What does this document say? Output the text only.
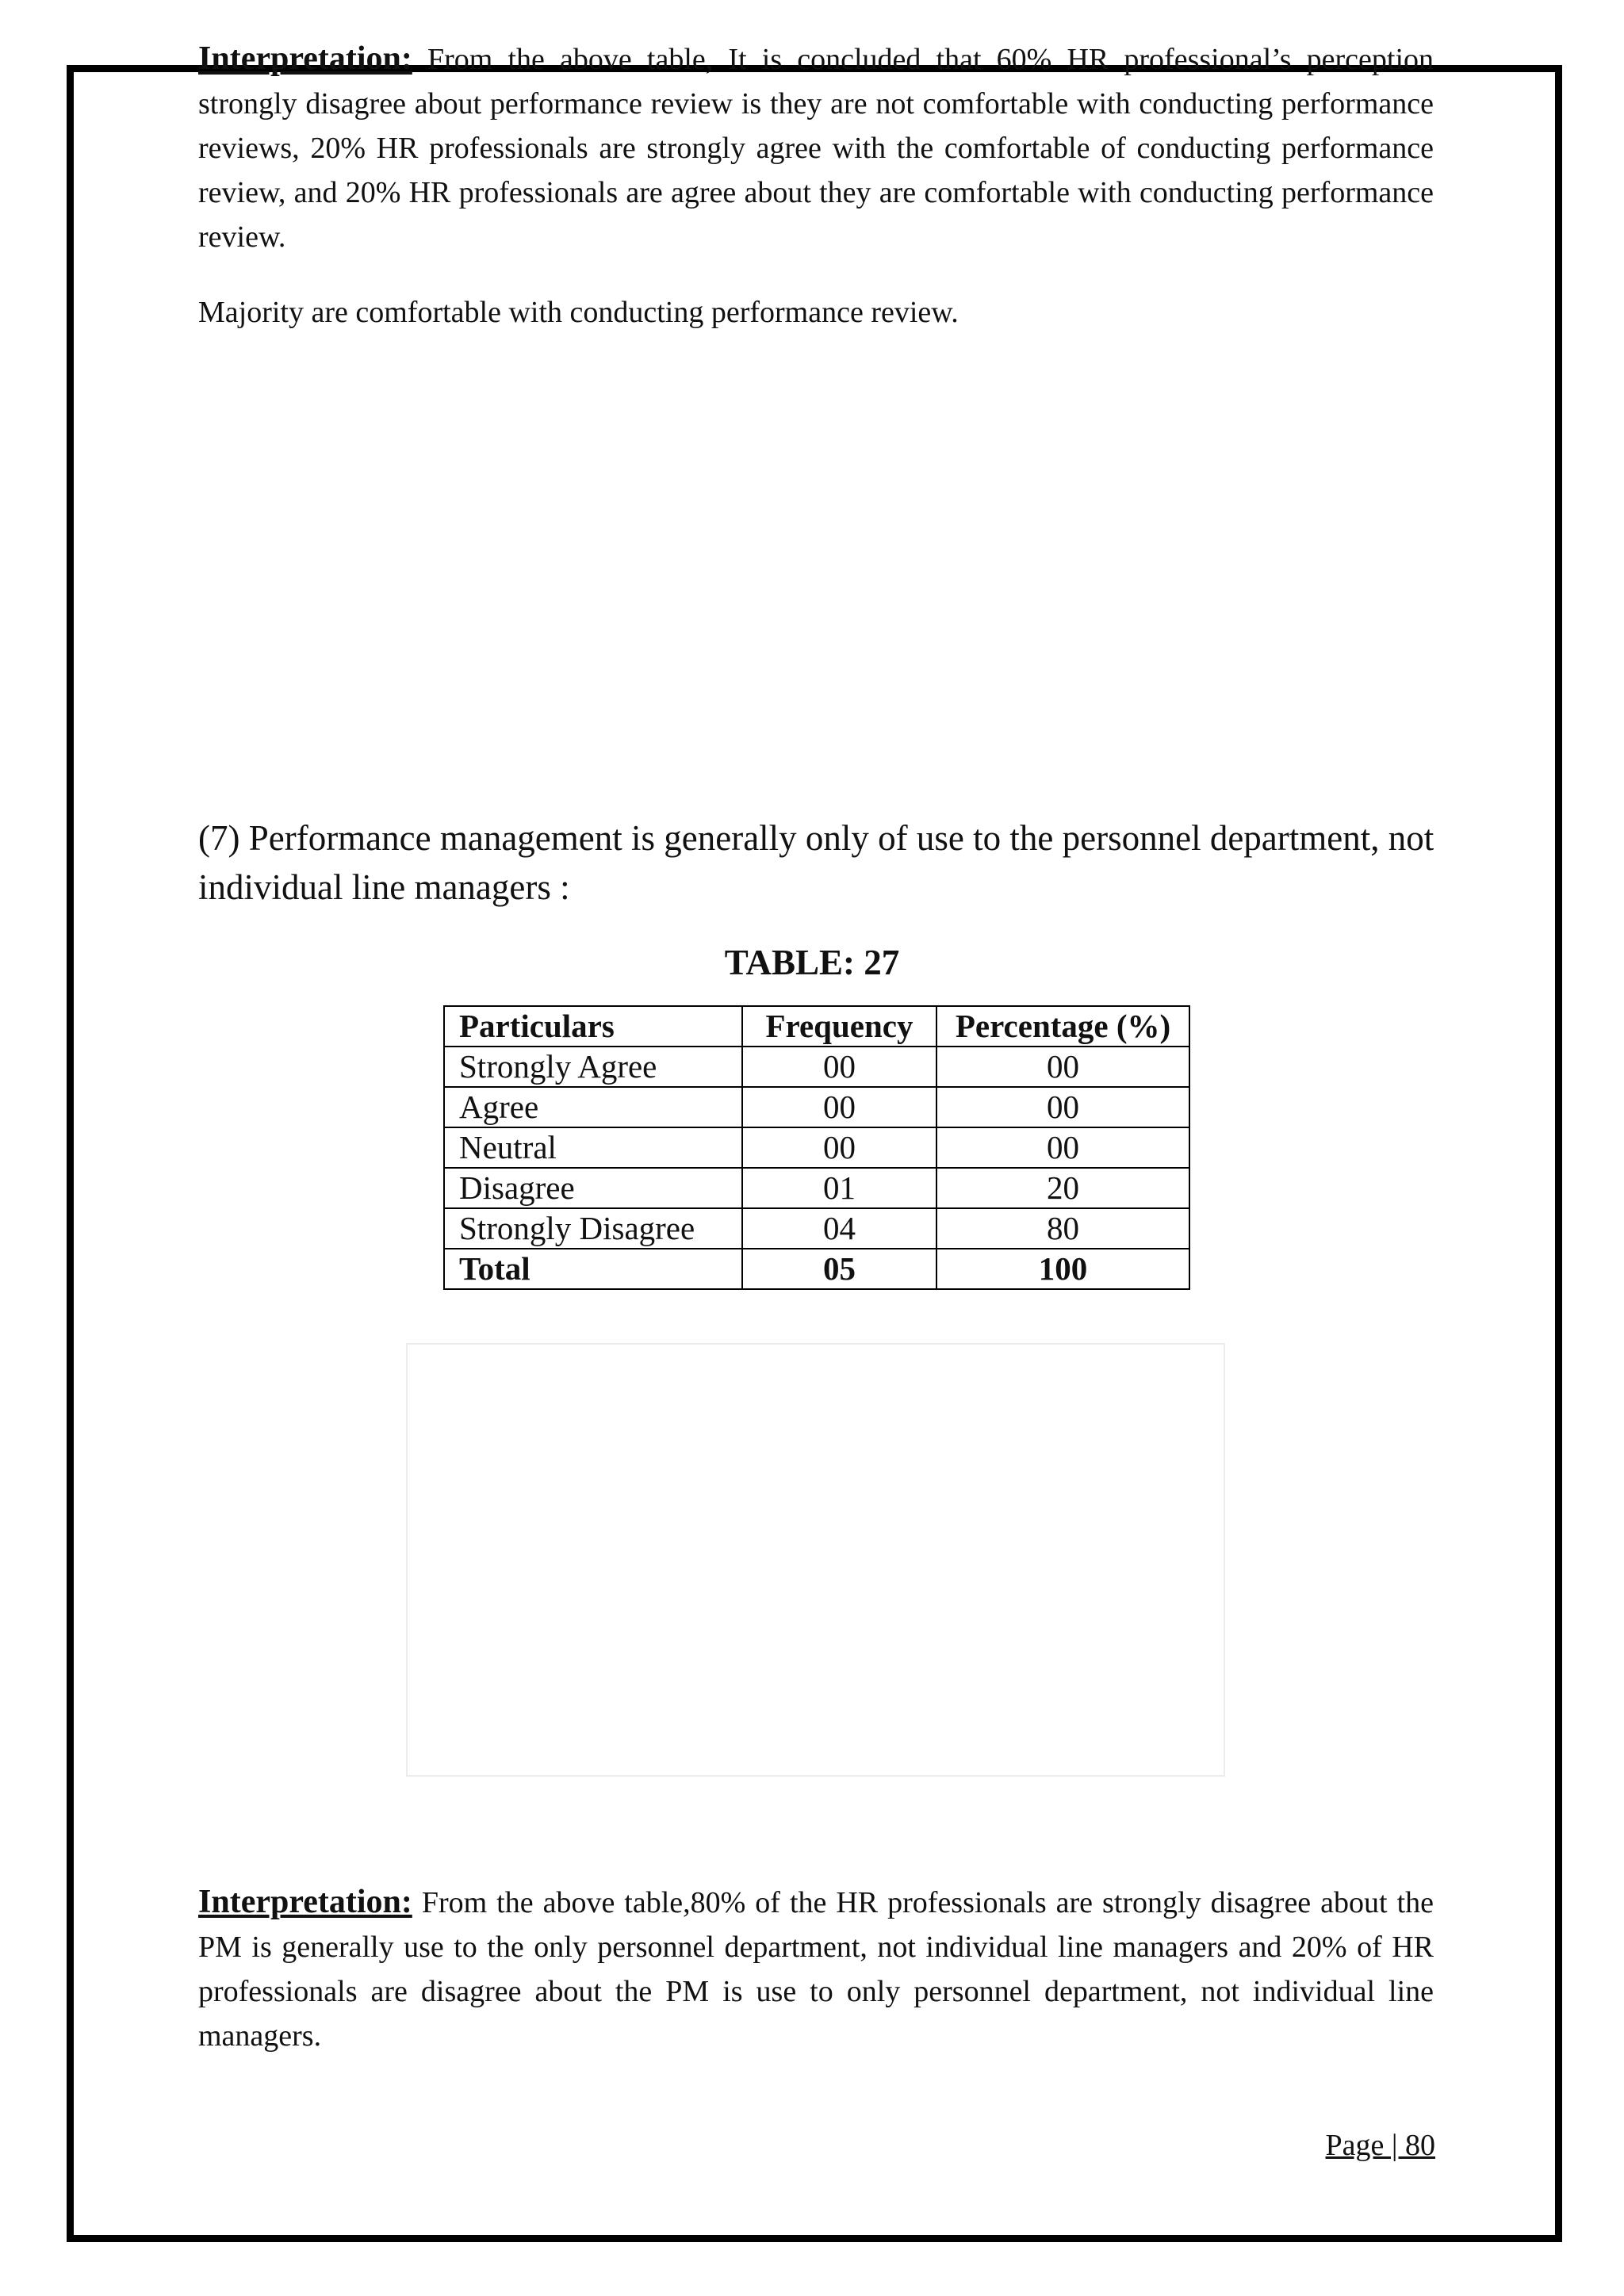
Interpretation: From the above table, It is concluded that 60% HR professional’s perception strongly disagree about performance review is they are not comfortable with conducting performance reviews, 20% HR professionals are strongly agree with the comfortable of conducting performance review, and 20% HR professionals are agree about they are comfortable with conducting performance review.

Majority are comfortable with conducting performance review.

(7) Performance management is generally only of use to the personnel department, not individual line managers :

TABLE: 27

Particulars	Frequency	Percentage (%)
Strongly Agree	00	00
Agree	00	00
Neutral	00	00
Disagree	01	20
Strongly Disagree	04	80
Total	05	100

Interpretation: From the above table,80% of the HR professionals are strongly disagree about the PM is generally use to the only personnel department, not individual line managers and 20% of HR professionals are disagree about the PM is use to only personnel department, not individual line managers.

Page | 80
